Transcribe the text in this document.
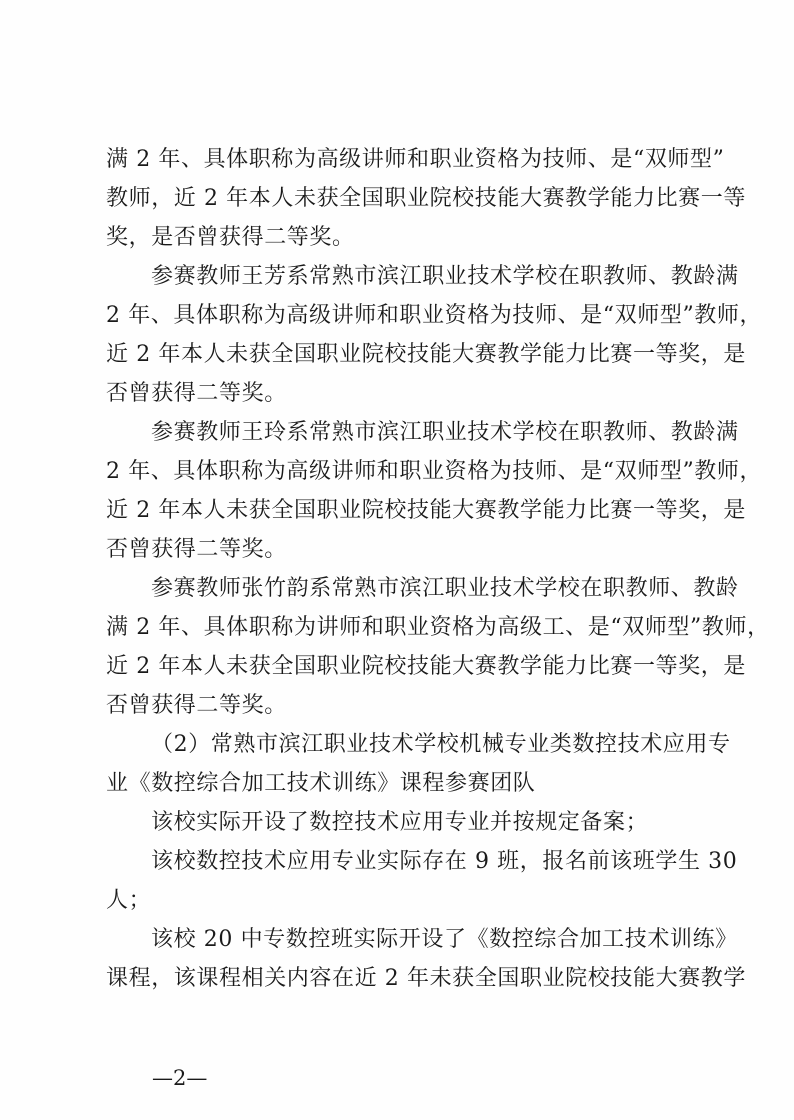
满 2 年、具体职称为高级讲师和职业资格为技师、是“双师型”
教师，近 2 年本人未获全国职业院校技能大赛教学能力比赛一等
奖，是否曾获得二等奖。
参赛教师王芳系常熟市滨江职业技术学校在职教师、教龄满
2 年、具体职称为高级讲师和职业资格为技师、是“双师型”教师，
近 2 年本人未获全国职业院校技能大赛教学能力比赛一等奖，是
否曾获得二等奖。
参赛教师王玲系常熟市滨江职业技术学校在职教师、教龄满
2 年、具体职称为高级讲师和职业资格为技师、是“双师型”教师，
近 2 年本人未获全国职业院校技能大赛教学能力比赛一等奖，是
否曾获得二等奖。
参赛教师张竹韵系常熟市滨江职业技术学校在职教师、教龄
满 2 年、具体职称为讲师和职业资格为高级工、是“双师型”教师，
近 2 年本人未获全国职业院校技能大赛教学能力比赛一等奖，是
否曾获得二等奖。
（2）常熟市滨江职业技术学校机械专业类数控技术应用专
业《数控综合加工技术训练》课程参赛团队
该校实际开设了数控技术应用专业并按规定备案；
该校数控技术应用专业实际存在 9 班，报名前该班学生 30
人；
该校 20 中专数控班实际开设了《数控综合加工技术训练》
课程，该课程相关内容在近 2 年未获全国职业院校技能大赛教学
—2—
